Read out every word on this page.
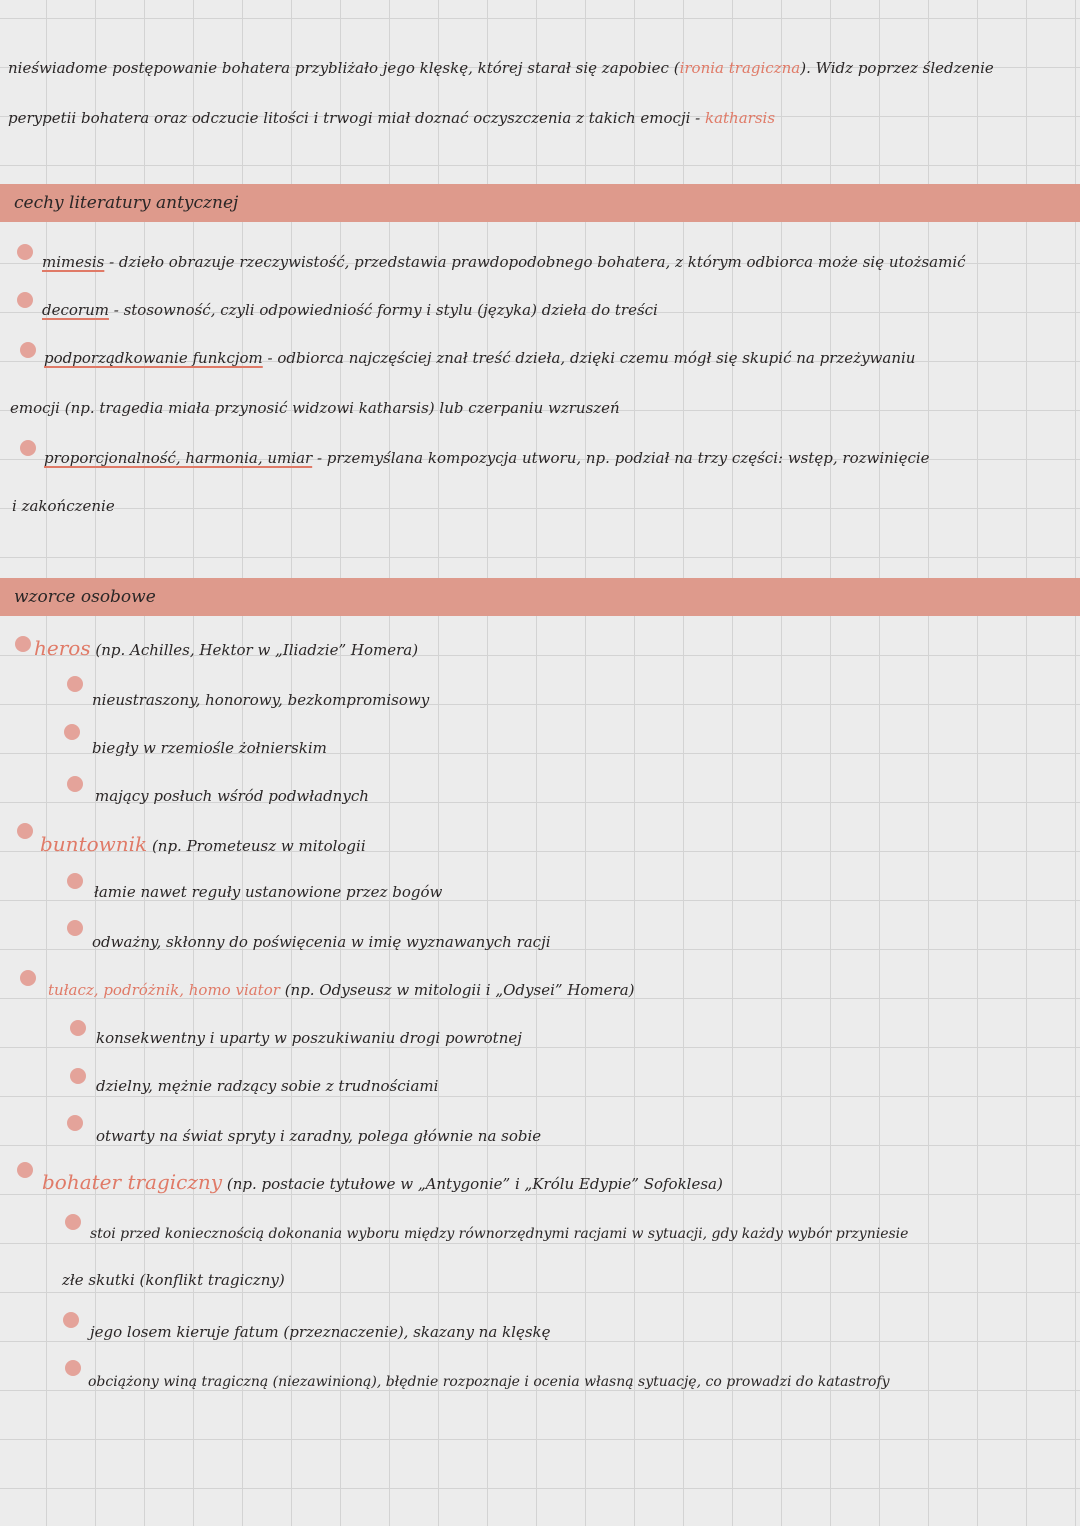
nieświadome postępowanie bohatera przybliżało jego klęskę, której starał się zapobiec (ironia tragiczna). Widz poprzez śledzenie
perypetii bohatera oraz odczucie litości i trwogi miał doznać oczyszczenia z takich emocji - katharsis
cechy literatury antycznej
mimesis - dzieło obrazuje rzeczywistość, przedstawia prawdopodobnego bohatera, z którym odbiorca może się utożsamić
decorum - stosowność, czyli odpowiedniość formy i stylu (języka) dzieła do treści
podporządkowanie funkcjom - odbiorca najczęściej znał treść dzieła, dzięki czemu mógł się skupić na przeżywaniu
emocji (np. tragedia miała przynosić widzowi katharsis) lub czerpaniu wzruszeń
proporcjonalność, harmonia, umiar - przemyślana kompozycja utworu, np. podział na trzy części: wstęp, rozwinięcie
i zakończenie
wzorce osobowe
heros (np. Achilles, Hektor w „Iliadzie” Homera)
nieustraszony, honorowy, bezkompromisowy
biegły w rzemiośle żołnierskim
mający posłuch wśród podwładnych
buntownik (np. Prometeusz w mitologii
łamie nawet reguły ustanowione przez bogów
odważny, skłonny do poświęcenia w imię wyznawanych racji
tułacz, podróżnik, homo viator (np. Odyseusz w mitologii i „Odysei” Homera)
konsekwentny i uparty w poszukiwaniu drogi powrotnej
dzielny, mężnie radzący sobie z trudnościami
otwarty na świat spryty i zaradny, polega głównie na sobie
bohater tragiczny (np. postacie tytułowe w „Antygonie” i „Królu Edypie” Sofoklesa)
stoi przed koniecznością dokonania wyboru między równorzędnymi racjami w sytuacji, gdy każdy wybór przyniesie
złe skutki (konflikt tragiczny)
jego losem kieruje fatum (przeznaczenie), skazany na klęskę
obciążony winą tragiczną (niezawinioną), błędnie rozpoznaje i ocenia własną sytuację, co prowadzi do katastrofy
